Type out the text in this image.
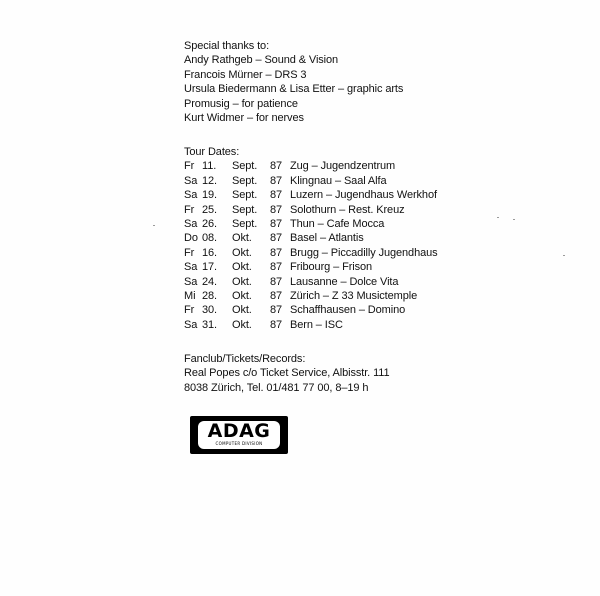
Special thanks to:
Andy Rathgeb – Sound & Vision
Francois Mürner – DRS 3
Ursula Biedermann & Lisa Etter – graphic arts
Promusig – for patience
Kurt Widmer – for nerves
Tour Dates:
Fr 11. Sept. 87 Zug – Jugendzentrum
Sa 12. Sept. 87 Klingnau – Saal Alfa
Sa 19. Sept. 87 Luzern – Jugendhaus Werkhof
Fr 25. Sept. 87 Solothurn – Rest. Kreuz
Sa 26. Sept. 87 Thun – Cafe Mocca
Do 08. Okt. 87 Basel – Atlantis
Fr 16. Okt. 87 Brugg – Piccadilly Jugendhaus
Sa 17. Okt. 87 Fribourg – Frison
Sa 24. Okt. 87 Lausanne – Dolce Vita
Mi 28. Okt. 87 Zürich – Z 33 Musictemple
Fr 30. Okt. 87 Schaffhausen – Domino
Sa 31. Okt. 87 Bern – ISC
Fanclub/Tickets/Records:
Real Popes c/o Ticket Service, Albisstr. 111
8038 Zürich, Tel. 01/481 77 00, 8–19 h
ADAG
COMPUTER DIVISION
